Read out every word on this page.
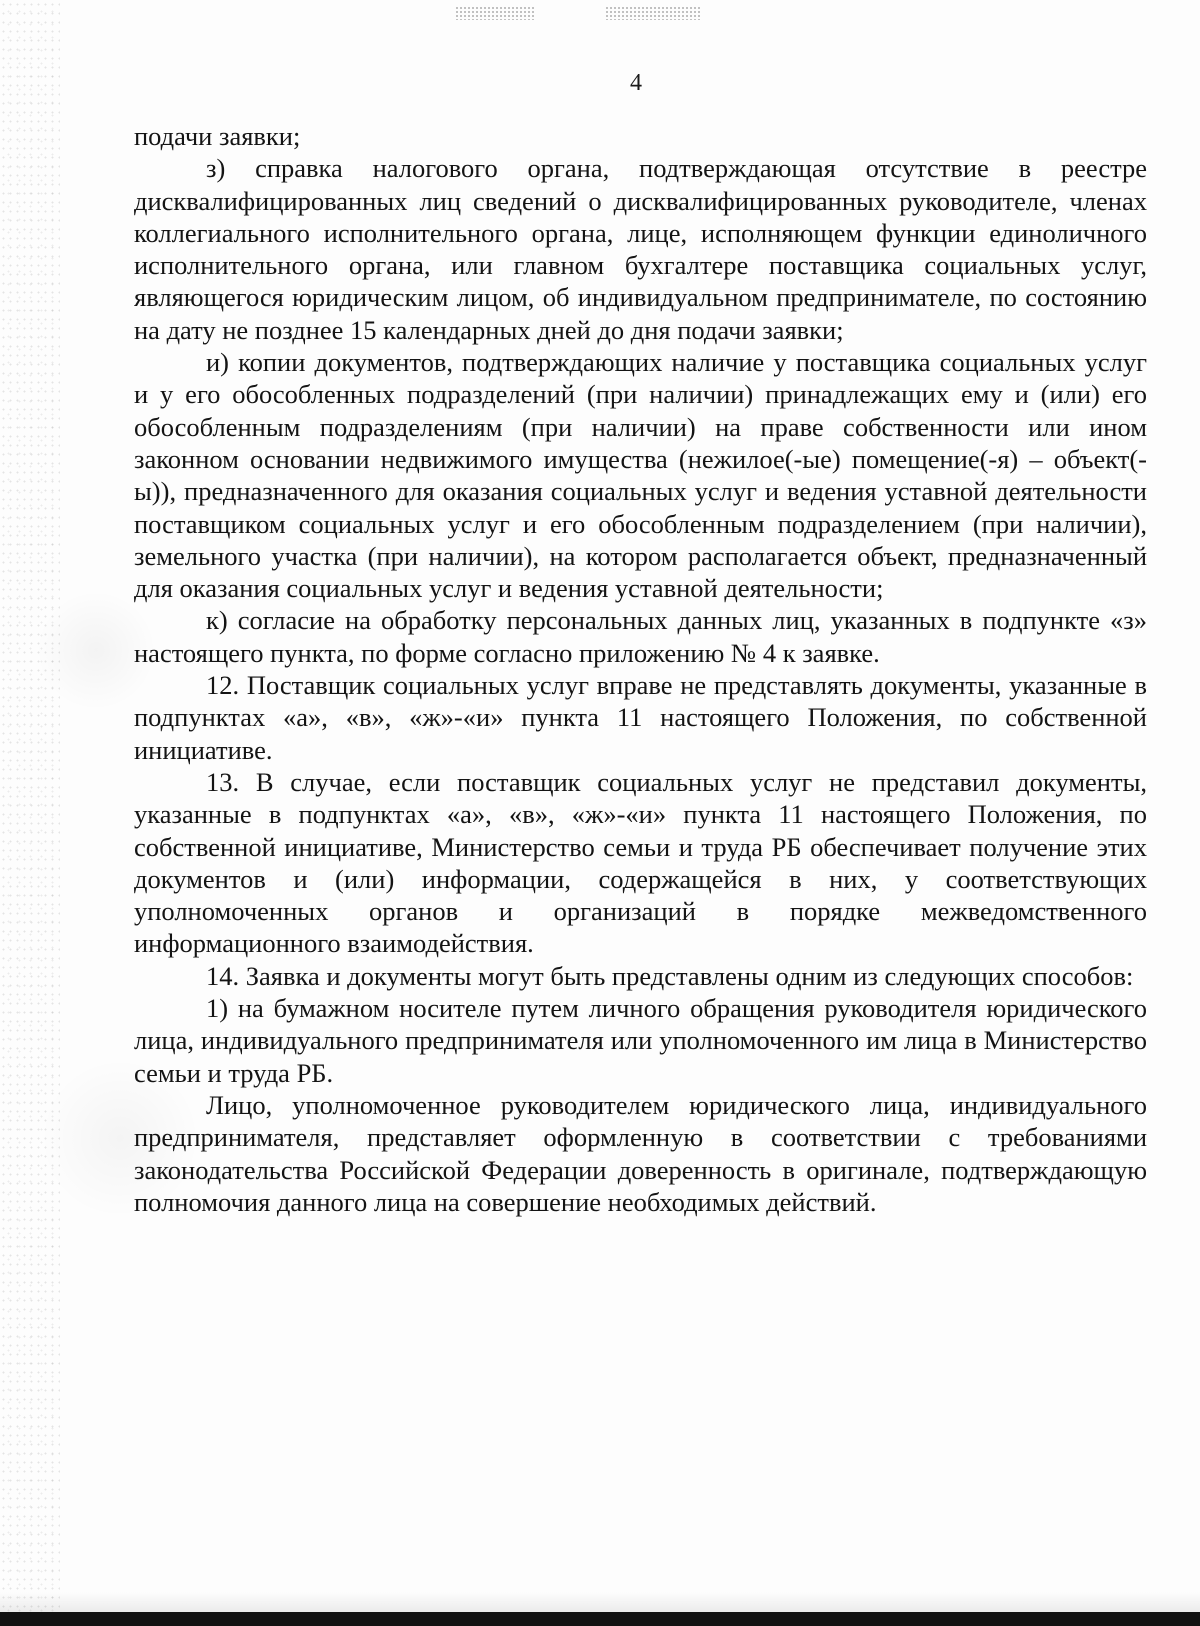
4

подачи заявки;

з) справка налогового органа, подтверждающая отсутствие в реестре дисквалифицированных лиц сведений о дисквалифицированных руководителе, членах коллегиального исполнительного органа, лице, исполняющем функции единоличного исполнительного органа, или главном бухгалтере поставщика социальных услуг, являющегося юридическим лицом, об индивидуальном предпринимателе, по состоянию на дату не позднее 15 календарных дней до дня подачи заявки;

и) копии документов, подтверждающих наличие у поставщика социальных услуг и у его обособленных подразделений (при наличии) принадлежащих ему и (или) его обособленным подразделениям (при наличии) на праве собственности или ином законном основании недвижимого имущества (нежилое(-ые) помещение(-я) – объект(-ы)), предназначенного для оказания социальных услуг и ведения уставной деятельности поставщиком социальных услуг и его обособленным подразделением (при наличии), земельного участка (при наличии), на котором располагается объект, предназначенный для оказания социальных услуг и ведения уставной деятельности;

к) согласие на обработку персональных данных лиц, указанных в подпункте «з» настоящего пункта, по форме согласно приложению № 4 к заявке.

12. Поставщик социальных услуг вправе не представлять документы, указанные в подпунктах «а», «в», «ж»-«и» пункта 11 настоящего Положения, по собственной инициативе.

13. В случае, если поставщик социальных услуг не представил документы, указанные в подпунктах «а», «в», «ж»-«и» пункта 11 настоящего Положения, по собственной инициативе, Министерство семьи и труда РБ обеспечивает получение этих документов и (или) информации, содержащейся в них, у соответствующих уполномоченных органов и организаций в порядке межведомственного информационного взаимодействия.

14. Заявка и документы могут быть представлены одним из следующих способов:

1) на бумажном носителе путем личного обращения руководителя юридического лица, индивидуального предпринимателя или уполномоченного им лица в Министерство семьи и труда РБ.

Лицо, уполномоченное руководителем юридического лица, индивидуального предпринимателя, представляет оформленную в соответствии с требованиями законодательства Российской Федерации доверенность в оригинале, подтверждающую полномочия данного лица на совершение необходимых действий.
